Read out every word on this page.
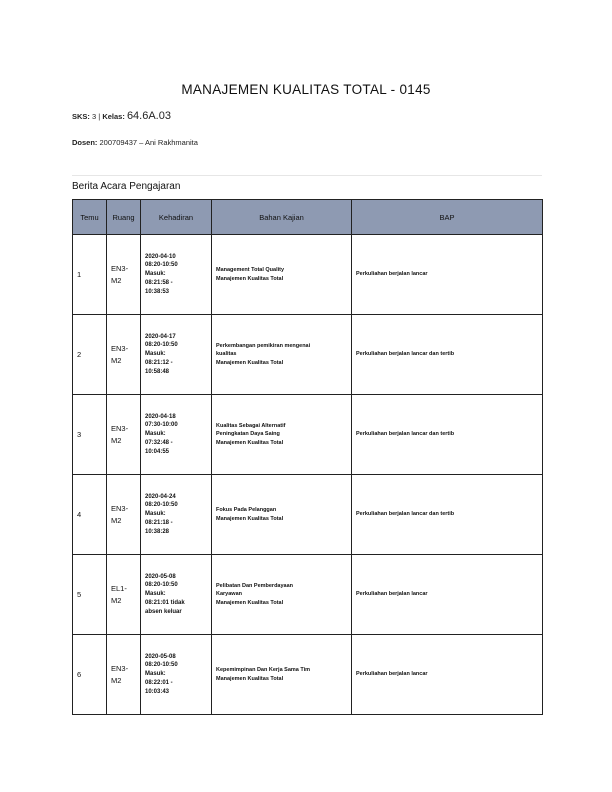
MANAJEMEN KUALITAS TOTAL - 0145
SKS: 3 | Kelas: 64.6A.03
Dosen: 200709437 – Ani Rakhmanita
Berita Acara Pengajaran
Temu	Ruang	Kehadiran	Bahan Kajian	BAP
1	EN3-
M2	2020-04-10
08:20-10:50
Masuk:
08:21:58 -
10:38:53	Management Total Quality
Manajemen Kualitas Total	Perkuliahan berjalan lancar
2	EN3-
M2	2020-04-17
08:20-10:50
Masuk:
08:21:12 -
10:58:48	Perkembangan pemikiran mengenai
kualitas
Manajemen Kualitas Total	Perkuliahan berjalan lancar dan tertib
3	EN3-
M2	2020-04-18
07:30-10:00
Masuk:
07:32:48 -
10:04:55	Kualitas Sebagai Alternatif
Peningkatan Daya Saing
Manajemen Kualitas Total	Perkuliahan berjalan lancar dan tertib
4	EN3-
M2	2020-04-24
08:20-10:50
Masuk:
08:21:18 -
10:38:28	Fokus Pada Pelanggan
Manajemen Kualitas Total	Perkuliahan berjalan lancar dan tertib
5	EL1-
M2	2020-05-08
08:20-10:50
Masuk:
08:21:01 tidak
absen keluar	Pelibatan Dan Pemberdayaan
Karyawan
Manajemen Kualitas Total	Perkuliahan berjalan lancar
6	EN3-
M2	2020-05-08
08:20-10:50
Masuk:
08:22:01 -
10:03:43	Kepemimpinan Dan Kerja Sama Tim
Manajemen Kualitas Total	Perkuliahan berjalan lancar
